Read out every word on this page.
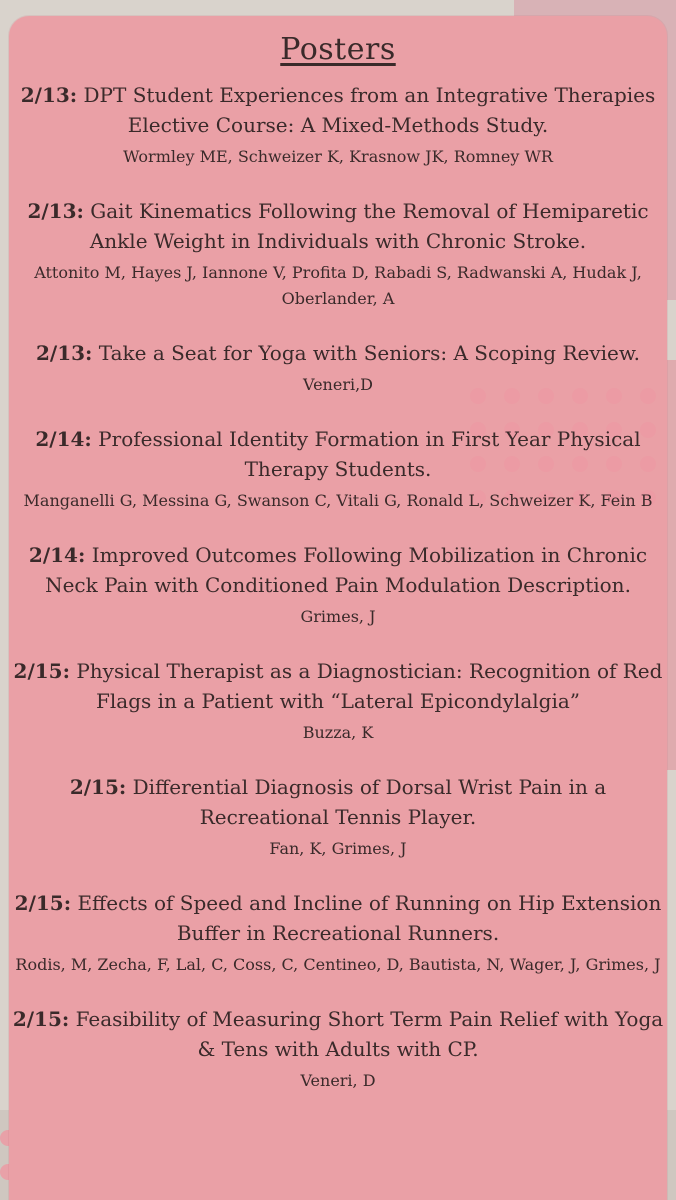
Posters
2/13: DPT Student Experiences from an Integrative Therapies Elective Course: A Mixed-Methods Study.
Wormley ME, Schweizer K, Krasnow JK, Romney WR
2/13: Gait Kinematics Following the Removal of Hemiparetic Ankle Weight in Individuals with Chronic Stroke.
Attonito M, Hayes J, Iannone V, Profita D, Rabadi S, Radwanski A, Hudak J, Oberlander, A
2/13: Take a Seat for Yoga with Seniors: A Scoping Review.
Veneri,D
2/14: Professional Identity Formation in First Year Physical Therapy Students.
Manganelli G, Messina G, Swanson C, Vitali G, Ronald L, Schweizer K, Fein B
2/14: Improved Outcomes Following Mobilization in Chronic Neck Pain with Conditioned Pain Modulation Description.
Grimes, J
2/15: Physical Therapist as a Diagnostician: Recognition of Red Flags in a Patient with “Lateral Epicondylalgia”
Buzza, K
2/15: Differential Diagnosis of Dorsal Wrist Pain in a Recreational Tennis Player.
Fan, K, Grimes, J
2/15: Effects of Speed and Incline of Running on Hip Extension Buffer in Recreational Runners.
Rodis, M, Zecha, F, Lal, C, Coss, C, Centineo, D, Bautista, N, Wager, J, Grimes, J
2/15: Feasibility of Measuring Short Term Pain Relief with Yoga & Tens with Adults with CP.
Veneri, D
